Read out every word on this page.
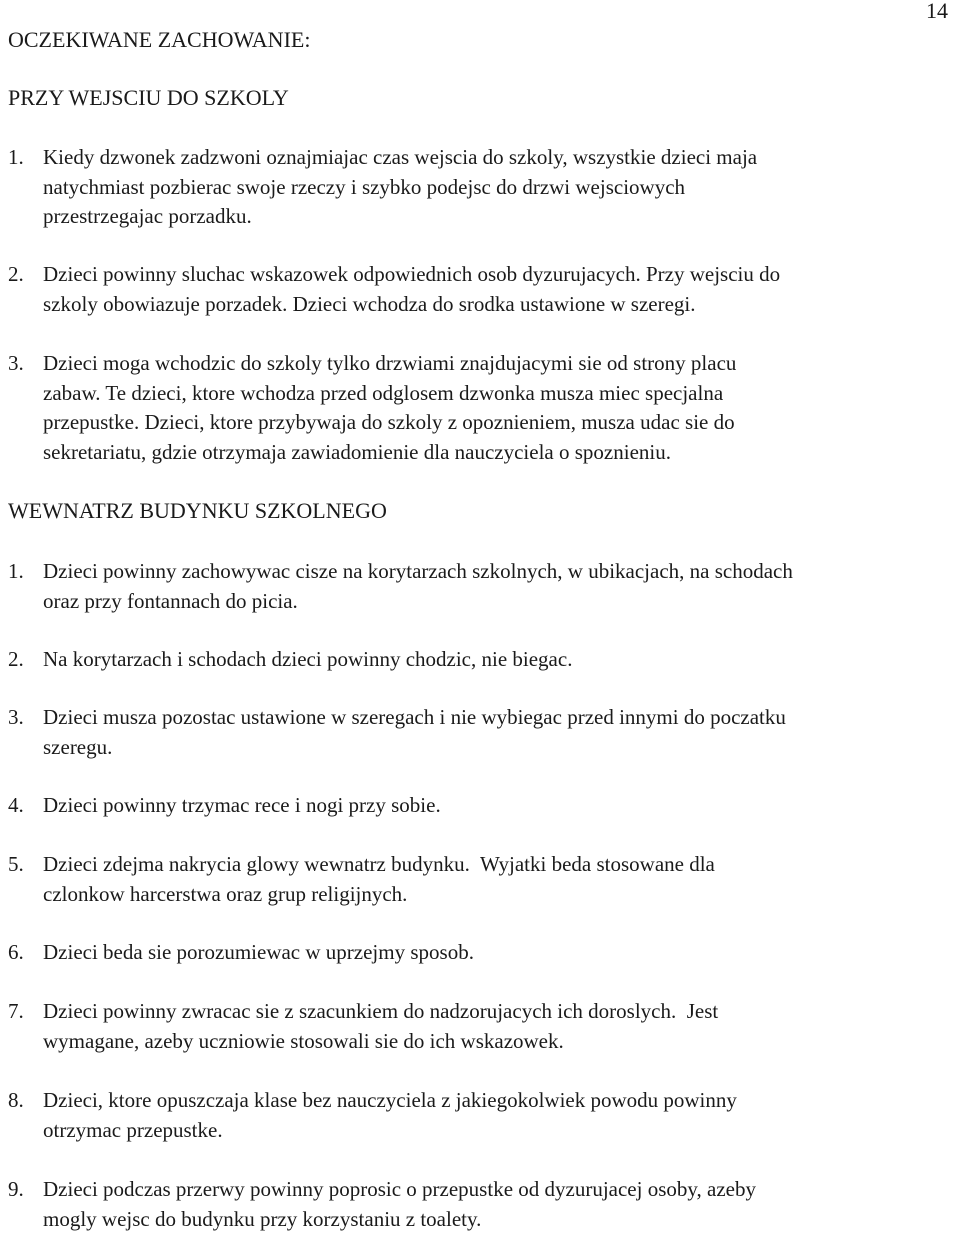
14
OCZEKIWANE ZACHOWANIE:
PRZY WEJSCIU DO SZKOLY
1. Kiedy dzwonek zadzwoni oznajmiajac czas wejscia do szkoly, wszystkie dzieci maja
natychmiast pozbierac swoje rzeczy i szybko podejsc do drzwi wejsciowych
przestrzegajac porzadku.
2. Dzieci powinny sluchac wskazowek odpowiednich osob dyzurujacych. Przy wejsciu do
szkoly obowiazuje porzadek. Dzieci wchodza do srodka ustawione w szeregi.
3. Dzieci moga wchodzic do szkoly tylko drzwiami znajdujacymi sie od strony placu
zabaw. Te dzieci, ktore wchodza przed odglosem dzwonka musza miec specjalna
przepustke. Dzieci, ktore przybywaja do szkoly z opoznieniem, musza udac sie do
sekretariatu, gdzie otrzymaja zawiadomienie dla nauczyciela o spoznieniu.
WEWNATRZ BUDYNKU SZKOLNEGO
1. Dzieci powinny zachowywac cisze na korytarzach szkolnych, w ubikacjach, na schodach
oraz przy fontannach do picia.
2. Na korytarzach i schodach dzieci powinny chodzic, nie biegac.
3. Dzieci musza pozostac ustawione w szeregach i nie wybiegac przed innymi do poczatku
szeregu.
4. Dzieci powinny trzymac rece i nogi przy sobie.
5. Dzieci zdejma nakrycia glowy wewnatrz budynku.  Wyjatki beda stosowane dla
czlonkow harcerstwa oraz grup religijnych.
6. Dzieci beda sie porozumiewac w uprzejmy sposob.
7. Dzieci powinny zwracac sie z szacunkiem do nadzorujacych ich doroslych.  Jest
wymagane, azeby uczniowie stosowali sie do ich wskazowek.
8. Dzieci, ktore opuszczaja klase bez nauczyciela z jakiegokolwiek powodu powinny
otrzymac przepustke.
9. Dzieci podczas przerwy powinny poprosic o przepustke od dyzurujacej osoby, azeby
mogly wejsc do budynku przy korzystaniu z toalety.
